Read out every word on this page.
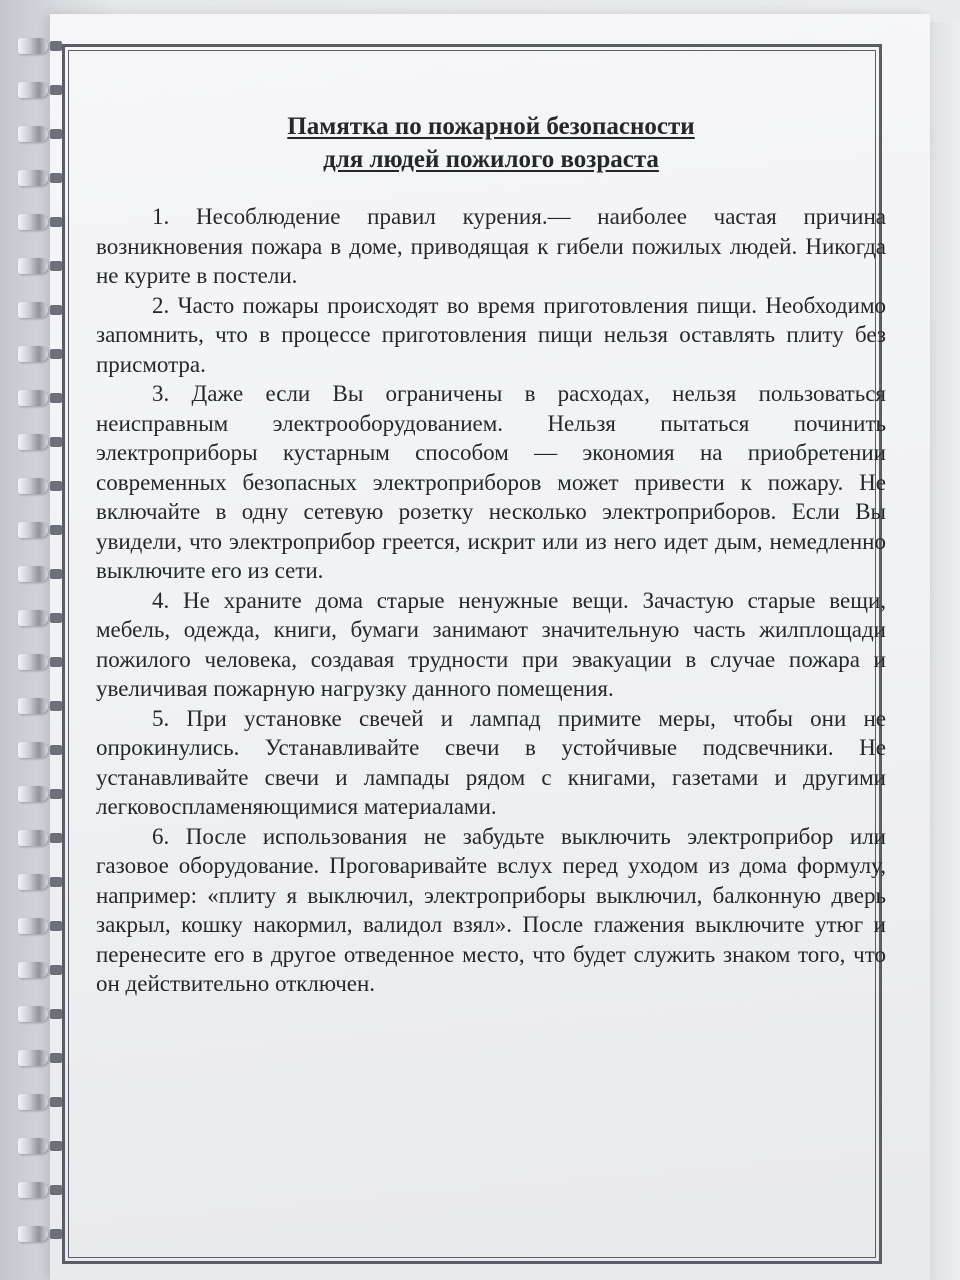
Памятка по пожарной безопасности
для людей пожилого возраста

1. Несоблюдение правил курения.— наиболее частая причина возникновения пожара в доме, приводящая к гибели пожилых людей. Никогда не курите в постели.

2. Часто пожары происходят во время приготовления пищи. Необходимо запомнить, что в процессе приготовления пищи нельзя оставлять плиту без присмотра.

3. Даже если Вы ограничены в расходах, нельзя пользоваться неисправным электрооборудованием. Нельзя пытаться починить электроприборы кустарным способом — экономия на приобретении современных безопасных электроприборов может привести к пожару. Не включайте в одну сетевую розетку несколько электроприборов. Если Вы увидели, что электроприбор греется, искрит или из него идет дым, немедленно выключите его из сети.

4. Не храните дома старые ненужные вещи. Зачастую старые вещи, мебель, одежда, книги, бумаги занимают значительную часть жилплощади пожилого человека, создавая трудности при эвакуации в случае пожара и увеличивая пожарную нагрузку данного помещения.

5. При установке свечей и лампад примите меры, чтобы они не опрокинулись. Устанавливайте свечи в устойчивые подсвечники. Не устанавливайте свечи и лампады рядом с книгами, газетами и другими легковоспламеняющимися материалами.

6. После использования не забудьте выключить электроприбор или газовое оборудование. Проговаривайте вслух перед уходом из дома формулу, например: «плиту я выключил, электроприборы выключил, балконную дверь закрыл, кошку накормил, валидол взял». После глажения выключите утюг и перенесите его в другое отведенное место, что будет служить знаком того, что он действительно отключен.
